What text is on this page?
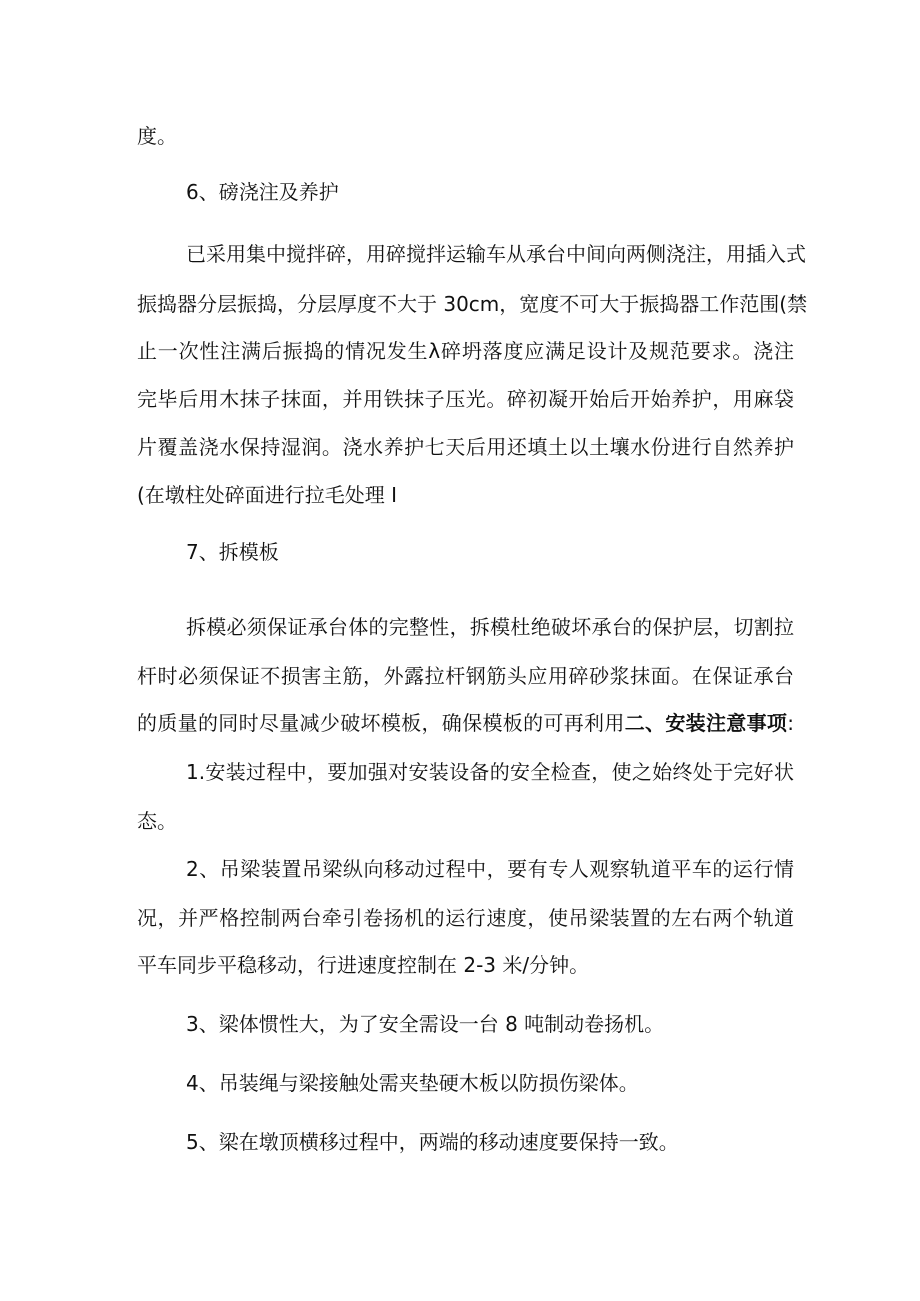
度。
6、磅浇注及养护
已采用集中搅拌碎，用碎搅拌运输车从承台中间向两侧浇注，用插入式
振捣器分层振捣，分层厚度不大于 30cm，宽度不可大于振捣器工作范围(禁
止一次性注满后振捣的情况发生λ碎坍落度应满足设计及规范要求。浇注
完毕后用木抹子抹面，并用铁抹子压光。碎初凝开始后开始养护，用麻袋
片覆盖浇水保持湿润。浇水养护七天后用还填土以土壤水份进行自然养护
(在墩柱处碎面进行拉毛处理 I
7、拆模板
拆模必须保证承台体的完整性，拆模杜绝破坏承台的保护层，切割拉
杆时必须保证不损害主筋，外露拉杆钢筋头应用碎砂浆抹面。在保证承台
的质量的同时尽量减少破坏模板，确保模板的可再利用二、安装注意事项:
1.安装过程中，要加强对安装设备的安全检查，使之始终处于完好状
态。
2、吊梁装置吊梁纵向移动过程中，要有专人观察轨道平车的运行情
况，并严格控制两台牵引卷扬机的运行速度，使吊梁装置的左右两个轨道
平车同步平稳移动，行进速度控制在 2-3 米/分钟。
3、梁体惯性大，为了安全需设一台 8 吨制动卷扬机。
4、吊装绳与梁接触处需夹垫硬木板以防损伤梁体。
5、梁在墩顶横移过程中，两端的移动速度要保持一致。
